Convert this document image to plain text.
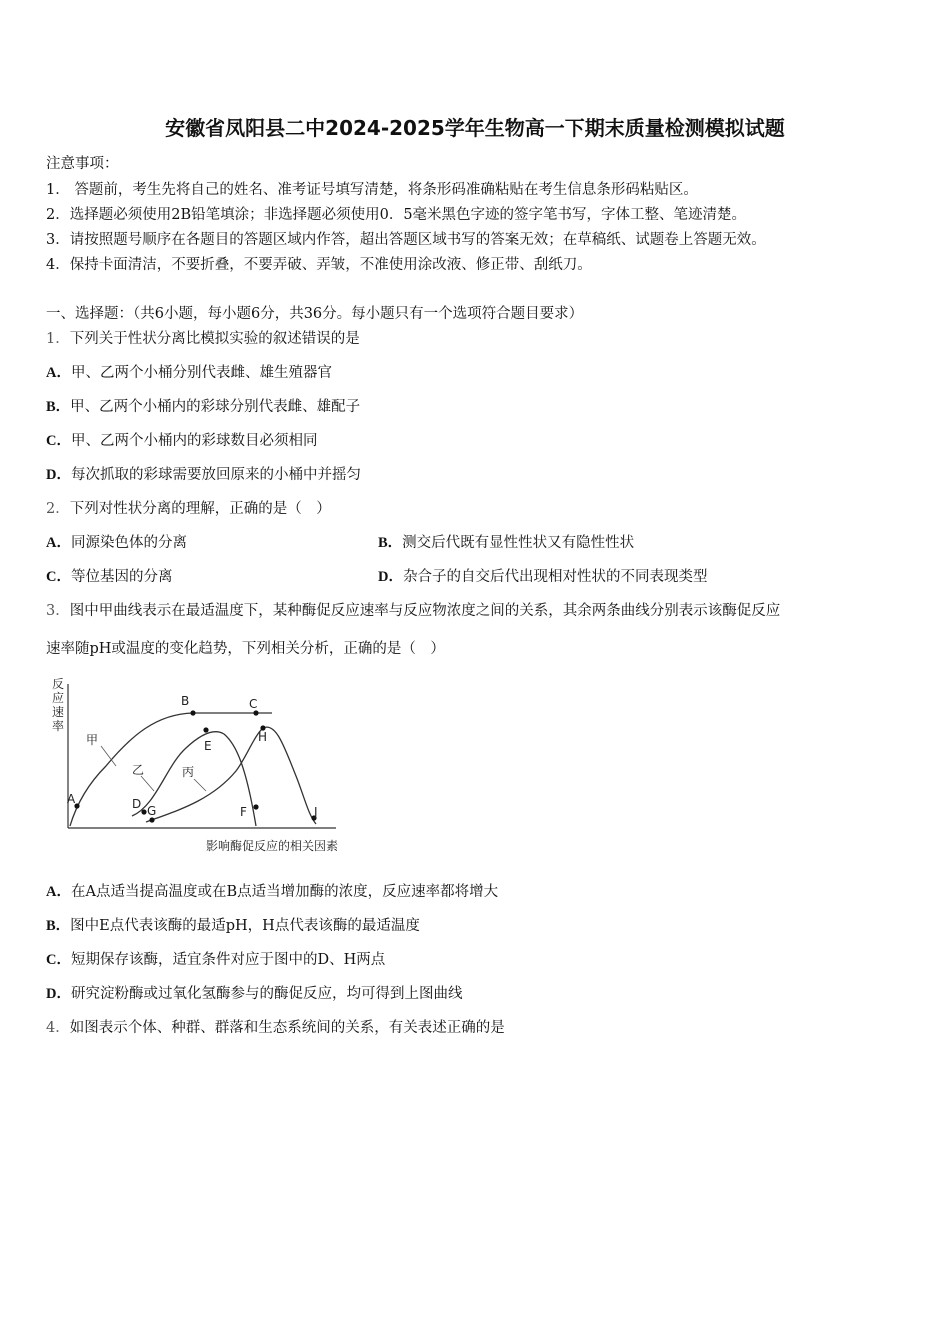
安徽省凤阳县二中2024-2025学年生物高一下期末质量检测模拟试题
注意事项：
1． 答题前，考生先将自己的姓名、准考证号填写清楚，将条形码准确粘贴在考生信息条形码粘贴区。
2．选择题必须使用2B铅笔填涂；非选择题必须使用0．5毫米黑色字迹的签字笔书写，字体工整、笔迹清楚。
3．请按照题号顺序在各题目的答题区域内作答，超出答题区域书写的答案无效；在草稿纸、试题卷上答题无效。
4．保持卡面清洁，不要折叠，不要弄破、弄皱，不准使用涂改液、修正带、刮纸刀。
一、选择题：（共6小题，每小题6分，共36分。每小题只有一个选项符合题目要求）
1．下列关于性状分离比模拟实验的叙述错误的是
A．甲、乙两个小桶分别代表雌、雄生殖器官
B．甲、乙两个小桶内的彩球分别代表雌、雄配子
C．甲、乙两个小桶内的彩球数目必须相同
D．每次抓取的彩球需要放回原来的小桶中并摇匀
2．下列对性状分离的理解，正确的是（　）
A．同源染色体的分离	B．测交后代既有显性性状又有隐性性状
C．等位基因的分离	D．杂合子的自交后代出现相对性状的不同表现类型
3．图中甲曲线表示在最适温度下，某种酶促反应速率与反应物浓度之间的关系，其余两条曲线分别表示该酶促反应
速率随pH或温度的变化趋势，下列相关分析，正确的是（　）
反
应
速
率
影响酶促反应的相关因素
甲
乙	丙
A
B	C
D
E
F
G
H
J
A．在A点适当提高温度或在B点适当增加酶的浓度，反应速率都将增大
B．图中E点代表该酶的最适pH，H点代表该酶的最适温度
C．短期保存该酶，适宜条件对应于图中的D、H两点
D．研究淀粉酶或过氧化氢酶参与的酶促反应，均可得到上图曲线
4．如图表示个体、种群、群落和生态系统间的关系，有关表述正确的是
